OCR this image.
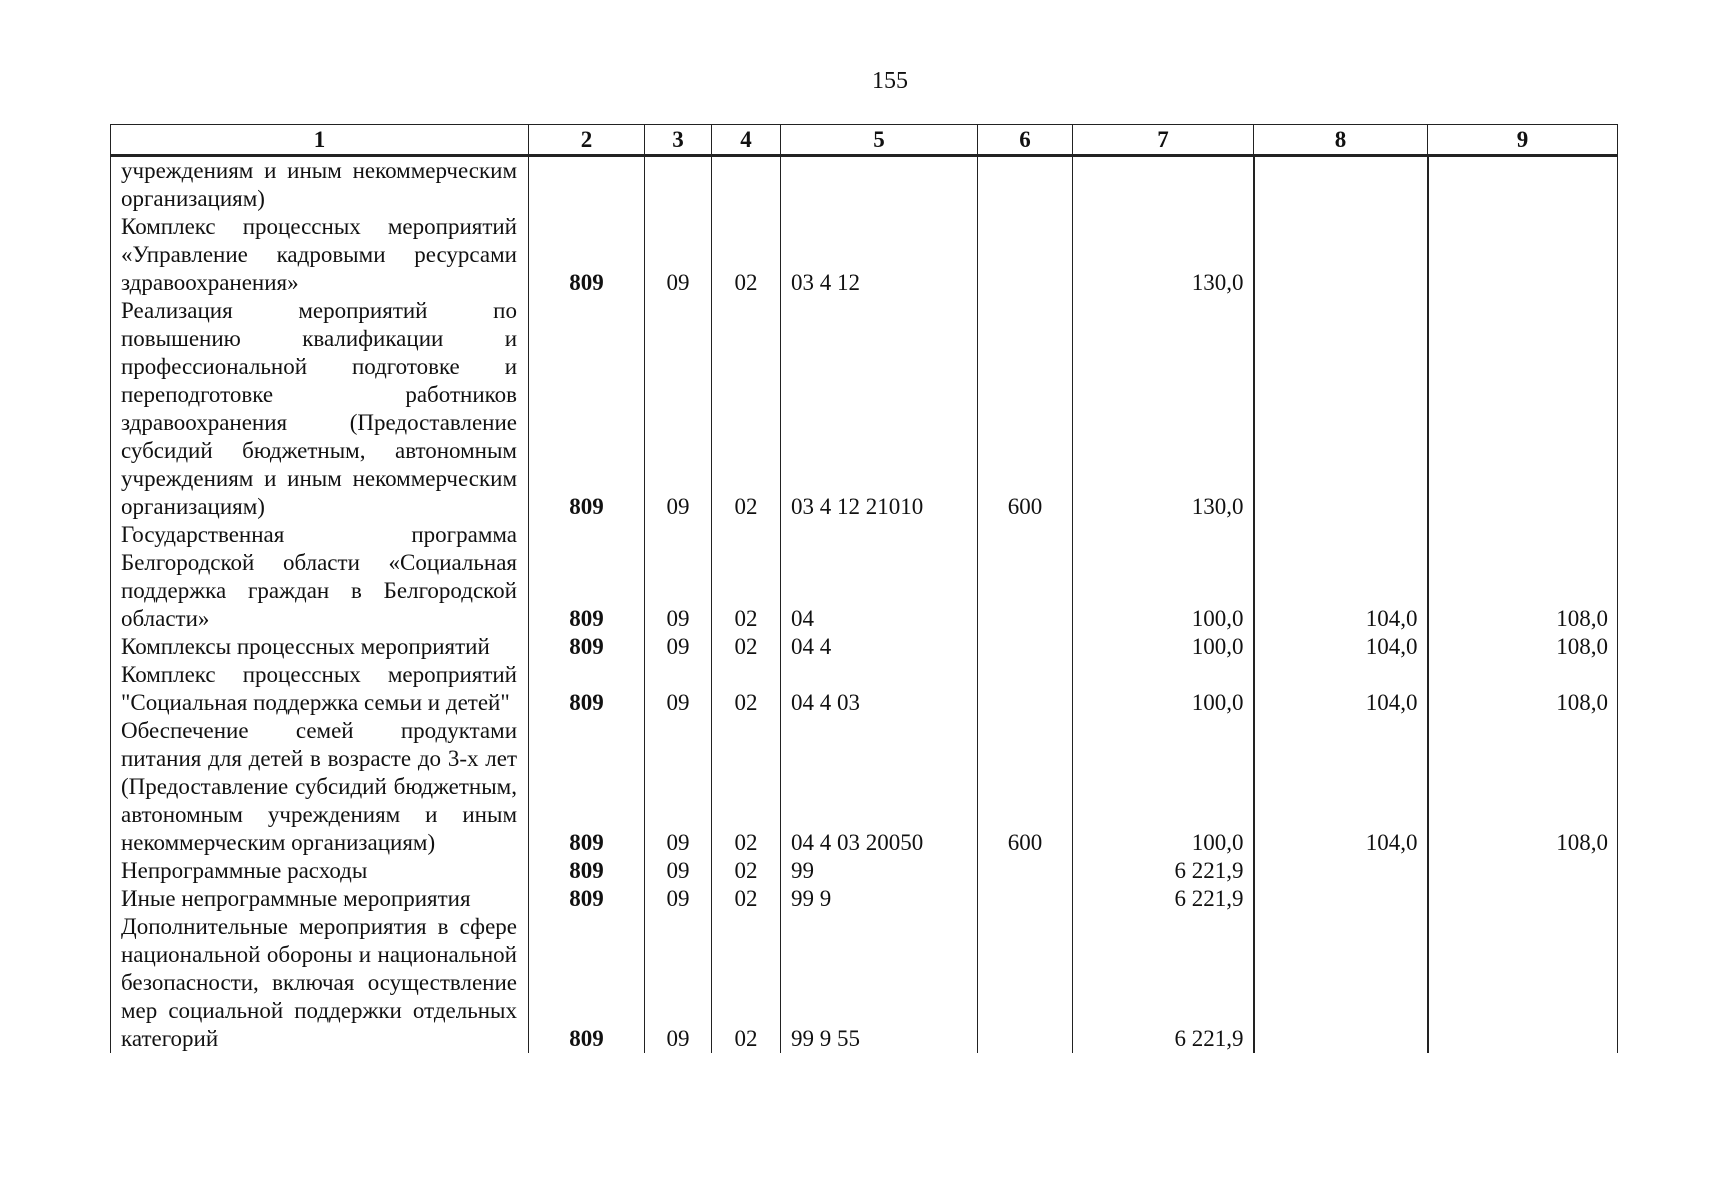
155
1	2	3	4	5	6	7	8	9
учреждениям и иным некоммерческим организациям)								
Комплекс процессных мероприятий «Управление кадровыми ресурсами здравоохранения»	809	09	02	03 4 12		130,0		
Реализация мероприятий по повышению квалификации и профессиональной подготовке и переподготовке работников здравоохранения (Предоставление субсидий бюджетным, автономным учреждениям и иным некоммерческим организациям)	809	09	02	03 4 12 21010	600	130,0		
Государственная программа Белгородской области «Социальная поддержка граждан в Белгородской области»	809	09	02	04		100,0	104,0	108,0
Комплексы процессных мероприятий	809	09	02	04 4		100,0	104,0	108,0
Комплекс процессных мероприятий "Социальная поддержка семьи и детей"	809	09	02	04 4 03		100,0	104,0	108,0
Обеспечение семей продуктами питания для детей в возрасте до 3-х лет (Предоставление субсидий бюджетным, автономным учреждениям и иным некоммерческим организациям)	809	09	02	04 4 03 20050	600	100,0	104,0	108,0
Непрограммные расходы	809	09	02	99		6 221,9		
Иные непрограммные мероприятия	809	09	02	99 9		6 221,9		
Дополнительные мероприятия в сфере национальной обороны и национальной безопасности, включая осуществление мер социальной поддержки отдельных категорий	809	09	02	99 9 55		6 221,9		
